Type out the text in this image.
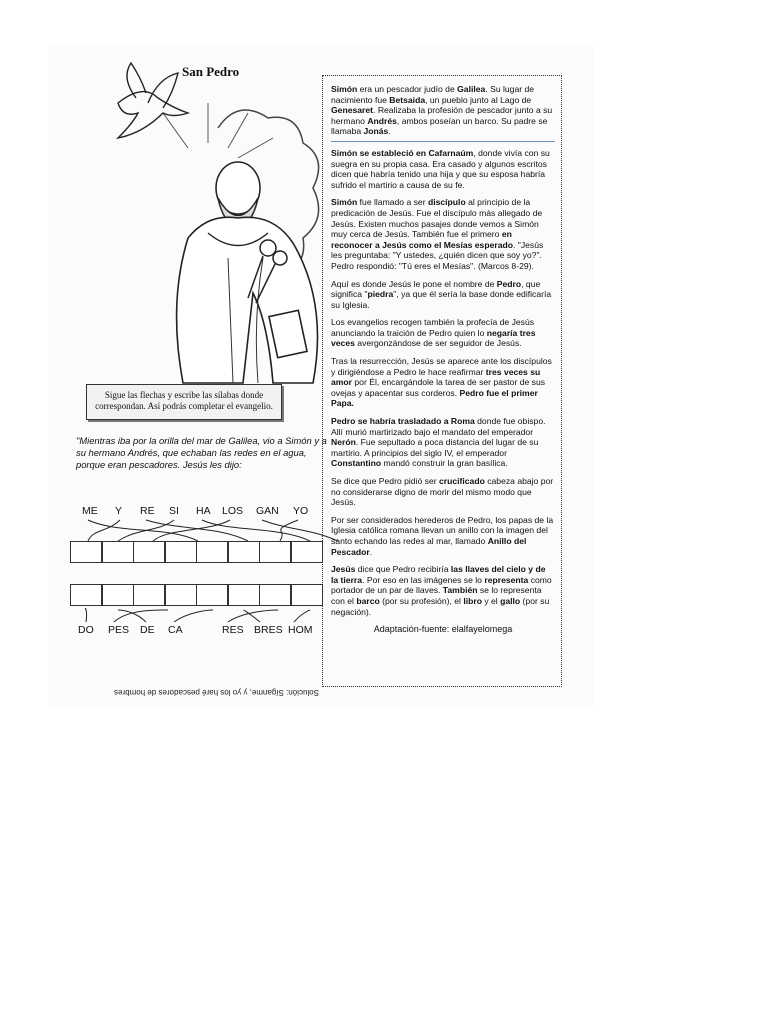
San Pedro
Sigue las flechas y escribe las sílabas donde correspondan. Así podrás completar el evangelio.
"Mientras iba por la orilla del mar de Galilea, vio a Simón y a su hermano Andrés, que echaban las redes en el agua, porque eran pescadores. Jesús les dijo:
ME Y RE SI HA LOS GAN YO
DO PES DE CA	RES BRES HOM
Solución: Síganme, y yo los haré pescadores de hombres

Simón era un pescador judío de Galilea. Su lugar de nacimiento fue Betsaida, un pueblo junto al Lago de Genesaret. Realizaba la profesión de pescador junto a su hermano Andrés, ambos poseían un barco. Su padre se llamaba Jonás.

Simón se estableció en Cafarnaúm, donde vivía con su suegra en su propia casa. Era casado y algunos escritos dicen que habría tenido una hija y que su esposa habría sufrido el martirio a causa de su fe.

Simón fue llamado a ser discípulo al principio de la predicación de Jesús. Fue el discípulo más allegado de Jesús. Existen muchos pasajes donde vemos a Simón muy cerca de Jesús. También fue el primero en reconocer a Jesús como el Mesías esperado. "Jesús les preguntaba: "Y ustedes, ¿quién dicen que soy yo?". Pedro respondió: "Tú eres el Mesías". (Marcos 8-29).

Aquí es donde Jesús le pone el nombre de Pedro, que significa "piedra", ya que él sería la base donde edificaría su Iglesia.

Los evangelios recogen también la profecía de Jesús anunciando la traición de Pedro quien lo negaría tres veces avergonzándose de ser seguidor de Jesús.

Tras la resurrección, Jesús se aparece ante los discípulos y dirigiéndose a Pedro le hace reafirmar tres veces su amor por Él, encargándole la tarea de ser pastor de sus ovejas y apacentar sus corderos. Pedro fue el primer Papa.

Pedro se habría trasladado a Roma donde fue obispo. Allí murió martirizado bajo el mandato del emperador Nerón. Fue sepultado a poca distancia del lugar de su martirio. A principios del siglo IV, el emperador Constantino mandó construir la gran basílica.

Se dice que Pedro pidió ser crucificado cabeza abajo por no considerarse digno de morir del mismo modo que Jesús.

Por ser considerados herederos de Pedro, los papas de la Iglesia católica romana llevan un anillo con la imagen del santo echando las redes al mar, llamado Anillo del Pescador.

Jesús dice que Pedro recibiría las llaves del cielo y de la tierra. Por eso en las imágenes se lo representa como portador de un par de llaves. También se lo representa con el barco (por su profesión), el libro y el gallo (por su negación).

Adaptación-fuente: elalfayelomega
